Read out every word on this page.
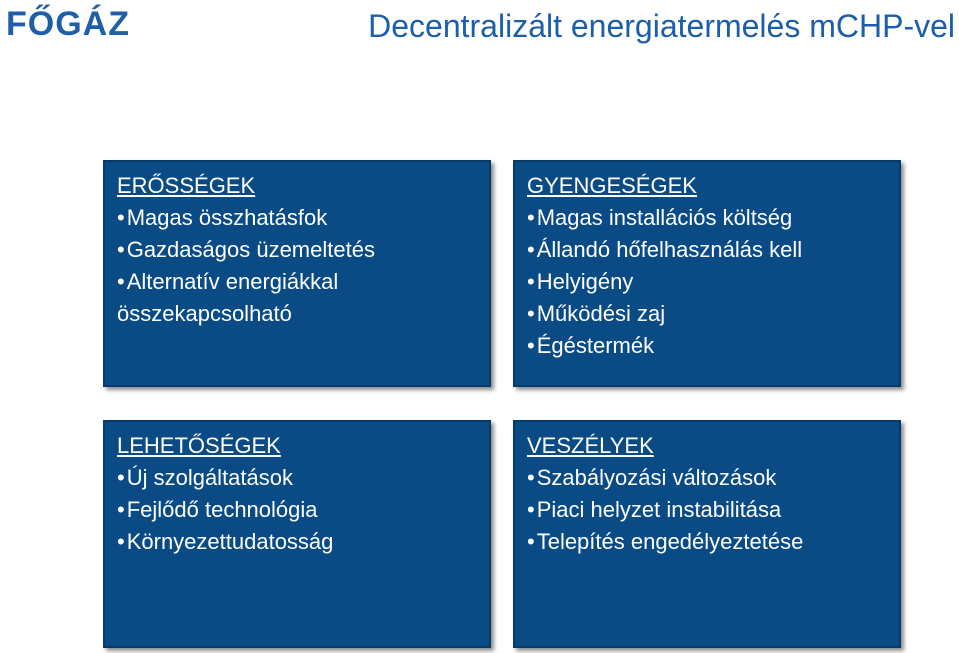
FŐGÁZ	Decentralizált energiatermelés mCHP-vel
ERŐSSÉGEK
•Magas összhatásfok
•Gazdaságos üzemeltetés
•Alternatív energiákkal
összekapcsolható
GYENGESÉGEK
•Magas installációs költség
•Állandó hőfelhasználás kell
•Helyigény
•Működési zaj
•Égéstermék
LEHETŐSÉGEK
•Új szolgáltatások
•Fejlődő technológia
•Környezettudatosság
VESZÉLYEK
•Szabályozási változások
•Piaci helyzet instabilitása
•Telepítés engedélyeztetése
